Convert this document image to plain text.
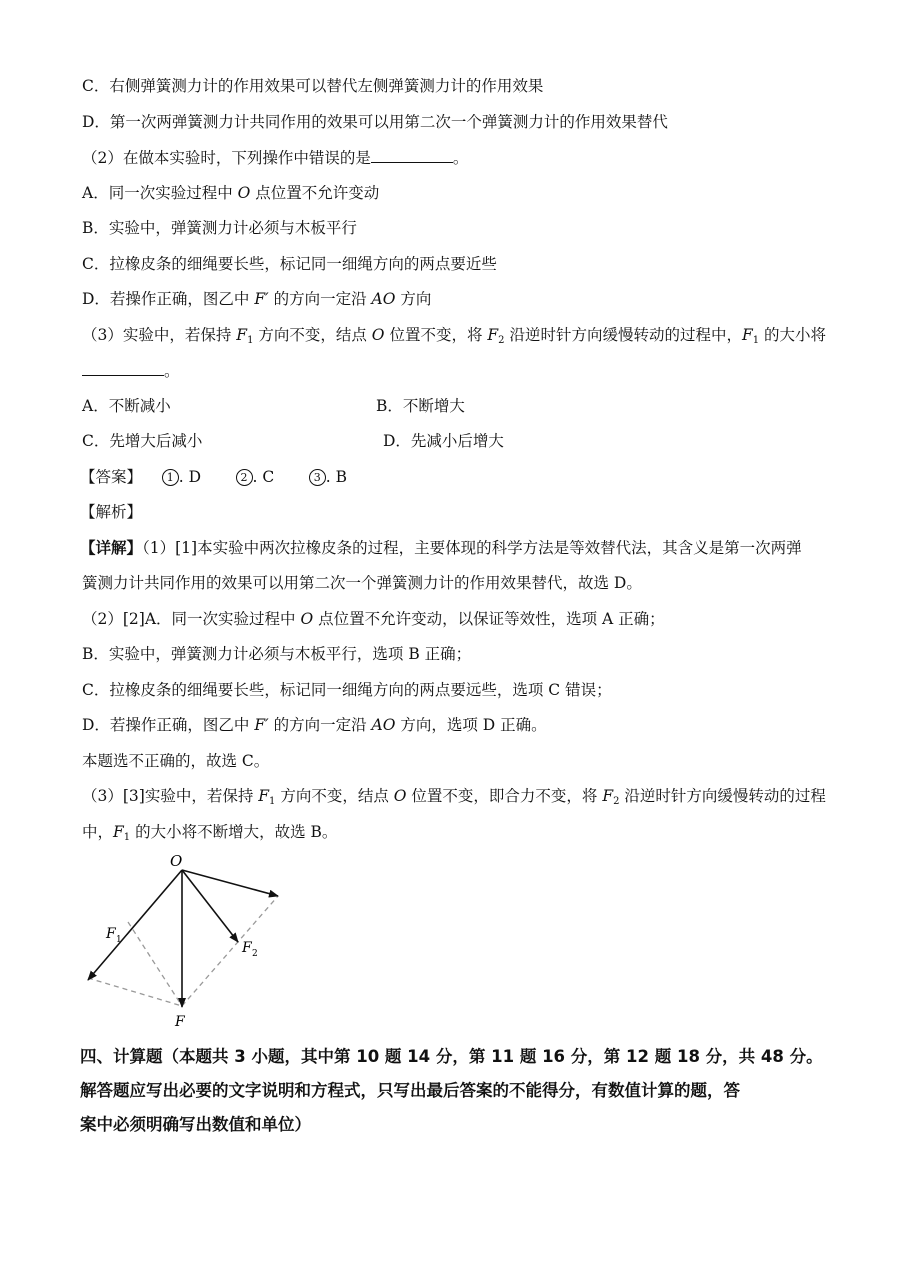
C．右侧弹簧测力计的作用效果可以替代左侧弹簧测力计的作用效果
D．第一次两弹簧测力计共同作用的效果可以用第二次一个弹簧测力计的作用效果替代
（2）在做本实验时，下列操作中错误的是	。
A．同一次实验过程中 O 点位置不允许变动
B．实验中，弹簧测力计必须与木板平行
C．拉橡皮条的细绳要长些，标记同一细绳方向的两点要近些
D．若操作正确，图乙中 F′ 的方向一定沿 AO 方向
（3）实验中，若保持 $F_1$ 方向不变，结点 O 位置不变，将 $F_2$ 沿逆时针方向缓慢转动的过程中，$F_1$ 的大小将
。
A．不断减小	B．不断增大
C．先增大后减小	D．先减小后增大
【答案】 1 . D	2 . C	3 . B
【解析】
【详解】（1）[1]本实验中两次拉橡皮条的过程，主要体现的科学方法是等效替代法，其含义是第一次两弹
簧测力计共同作用的效果可以用第二次一个弹簧测力计的作用效果替代，故选 D。
（2）[2]A．同一次实验过程中 O 点位置不允许变动，以保证等效性，选项 A 正确；
B．实验中，弹簧测力计必须与木板平行，选项 B 正确；
C．拉橡皮条的细绳要长些，标记同一细绳方向的两点要远些，选项 C 错误；
D．若操作正确，图乙中 F′ 的方向一定沿 AO 方向，选项 D 正确。
本题选不正确的，故选 C。
（3）[3]实验中，若保持 $F_1$ 方向不变，结点 O 位置不变，即合力不变，将 $F_2$ 沿逆时针方向缓慢转动的过程
中，$F_1$ 的大小将不断增大，故选 B。
O
F 1	F 2
F
四、计算题（本题共 3 小题，其中第 10 题 14 分，第 11 题 16 分，第 12 题 18 分，共 48 分。
解答题应写出必要的文字说明和方程式，只写出最后答案的不能得分，有数值计算的题，答
案中必须明确写出数值和单位）
